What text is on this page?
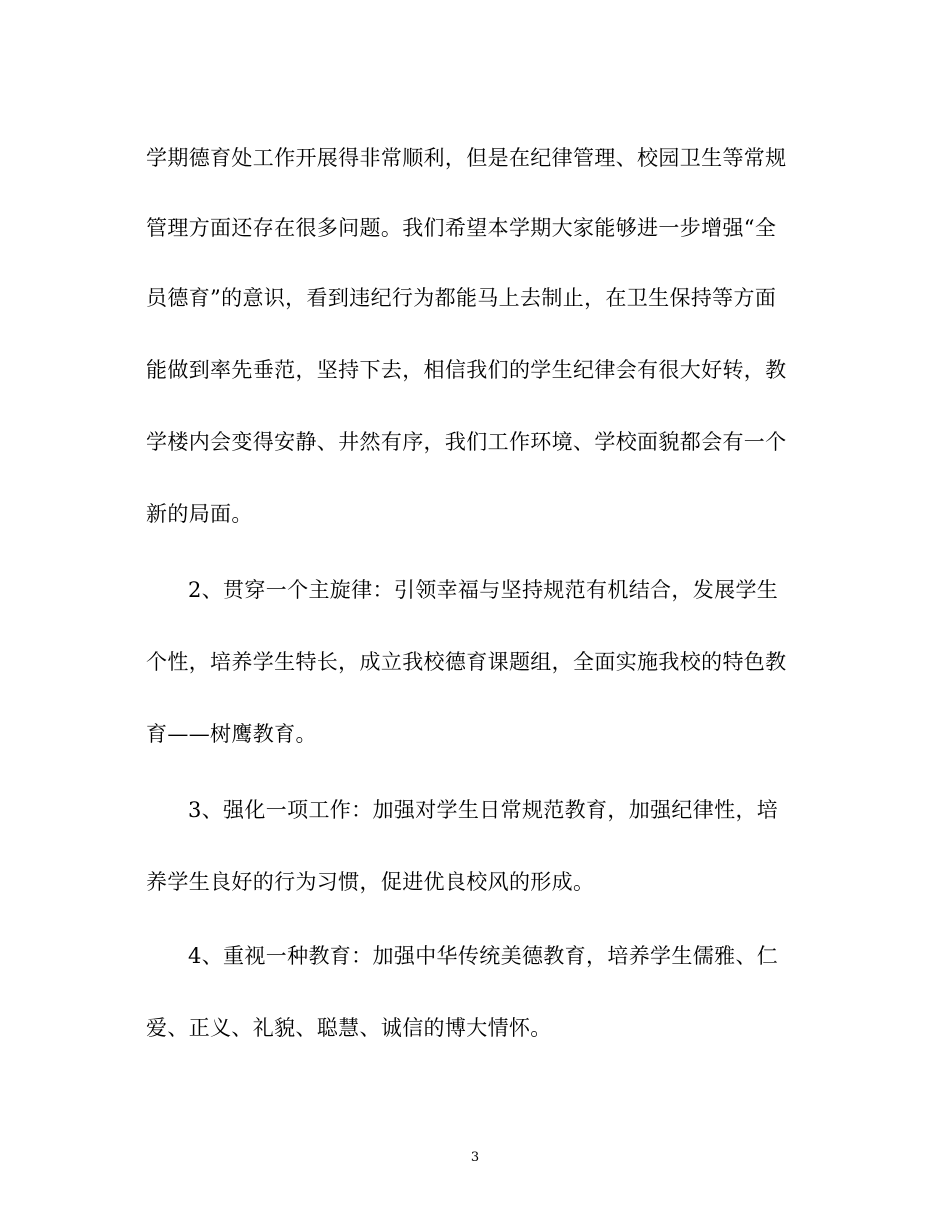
学期德育处工作开展得非常顺利，但是在纪律管理、校园卫生等常规
管理方面还存在很多问题。我们希望本学期大家能够进一步增强“全
员德育”的意识，看到违纪行为都能马上去制止，在卫生保持等方面
能做到率先垂范，坚持下去，相信我们的学生纪律会有很大好转，教
学楼内会变得安静、井然有序，我们工作环境、学校面貌都会有一个
新的局面。
2、贯穿一个主旋律：引领幸福与坚持规范有机结合，发展学生
个性，培养学生特长，成立我校德育课题组，全面实施我校的特色教
育——树鹰教育。
3、强化一项工作：加强对学生日常规范教育，加强纪律性，培
养学生良好的行为习惯，促进优良校风的形成。
4、重视一种教育：加强中华传统美德教育，培养学生儒雅、仁
爱、正义、礼貌、聪慧、诚信的博大情怀。
3
